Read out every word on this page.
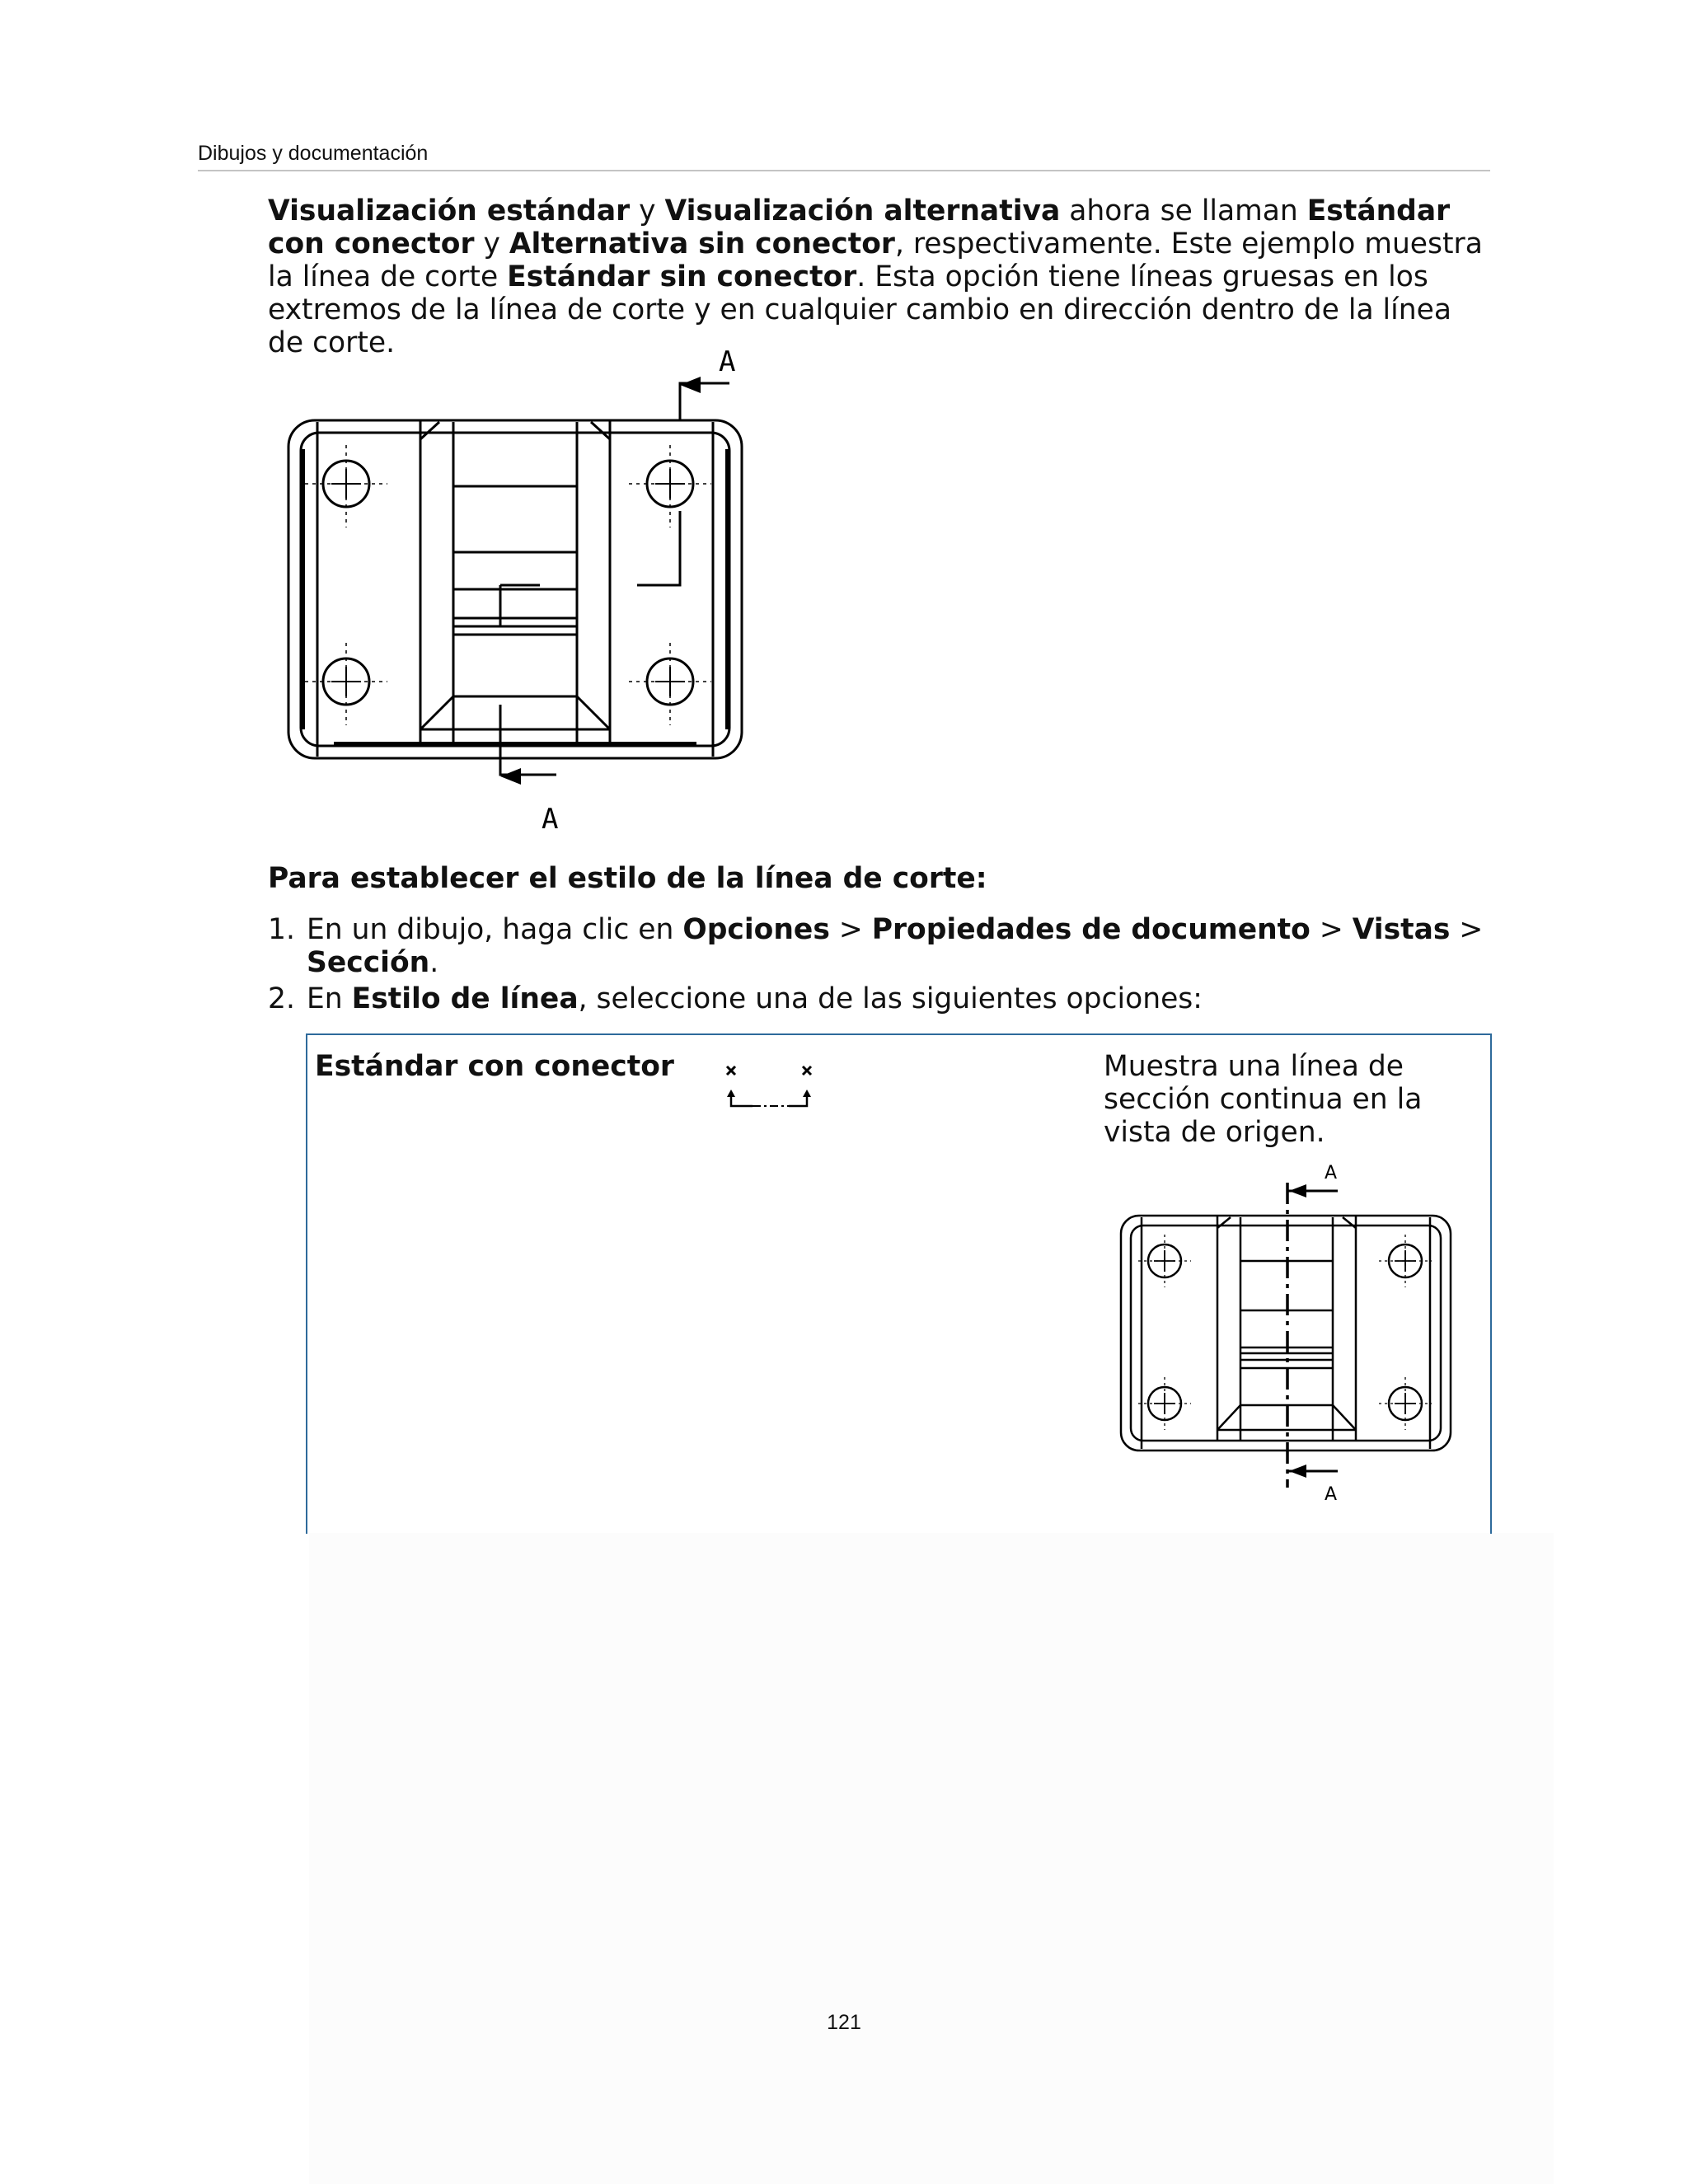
Dibujos y documentación

Visualización estándar y Visualización alternativa ahora se llaman Estándar con conector y Alternativa sin conector, respectivamente. Este ejemplo muestra la línea de corte Estándar sin conector. Esta opción tiene líneas gruesas en los extremos de la línea de corte y en cualquier cambio en dirección dentro de la línea de corte.

A
A

Para establecer el estilo de la línea de corte:

1. En un dibujo, haga clic en Opciones > Propiedades de documento > Vistas > Sección.
2. En Estilo de línea, seleccione una de las siguientes opciones:
Estándar con conector	Muestra una línea de sección continua en la vista de origen.
A
A
121
